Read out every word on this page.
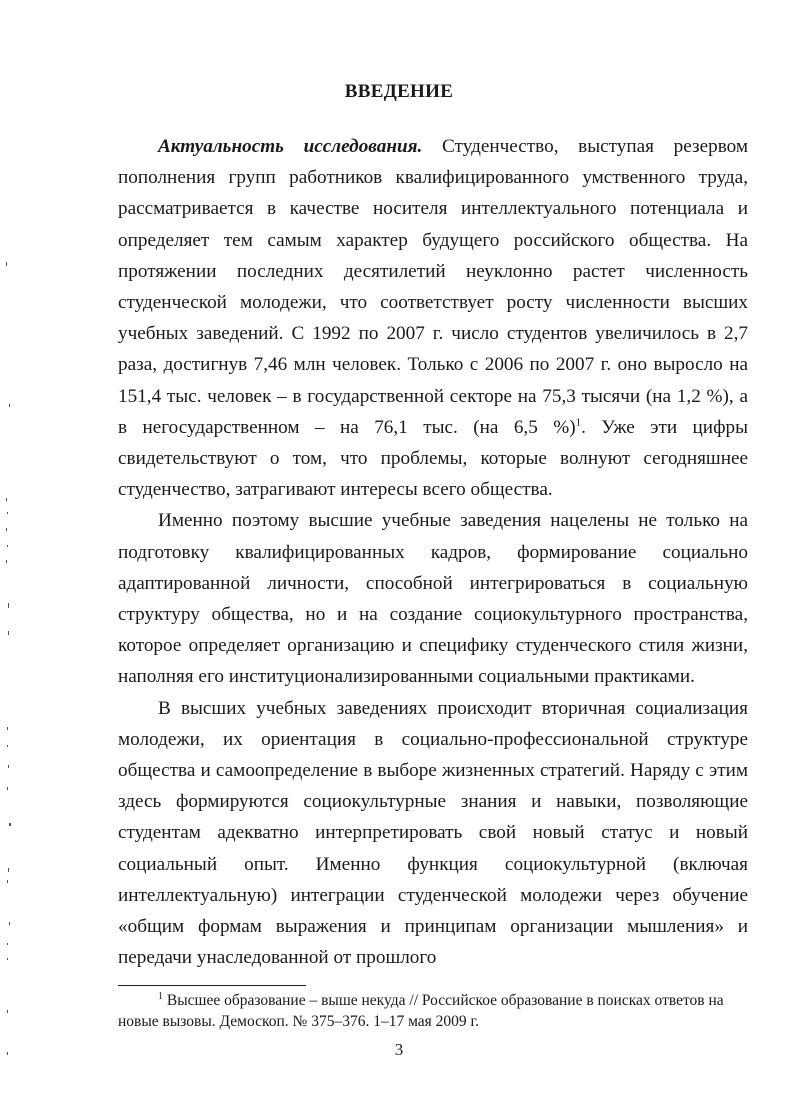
ВВЕДЕНИЕ

Актуальность исследования. Студенчество, выступая резервом пополнения групп работников квалифицированного умственного труда, рассматривается в качестве носителя интеллектуального потенциала и определяет тем самым характер будущего российского общества. На протяжении последних десятилетий неуклонно растет численность студенческой молодежи, что соответствует росту численности высших учебных заведений. С 1992 по 2007 г. число студентов увеличилось в 2,7 раза, достигнув 7,46 млн человек. Только с 2006 по 2007 г. оно выросло на 151,4 тыс. человек – в государственной секторе на 75,3 тысячи (на 1,2 %), а в негосударственном – на 76,1 тыс. (на 6,5 %)$^1$. Уже эти цифры свидетельствуют о том, что проблемы, которые волнуют сегодняшнее студенчество, затрагивают интересы всего общества.

Именно поэтому высшие учебные заведения нацелены не только на подготовку квалифицированных кадров, формирование социально адаптированной личности, способной интегрироваться в социальную структуру общества, но и на создание социокультурного пространства, которое определяет организацию и специфику студенческого стиля жизни, наполняя его институционализированными социальными практиками.

В высших учебных заведениях происходит вторичная социализация молодежи, их ориентация в социально-профессиональной структуре общества и самоопределение в выборе жизненных стратегий. Наряду с этим здесь формируются социокультурные знания и навыки, позволяющие студентам адекватно интерпретировать свой новый статус и новый социальный опыт. Именно функция социокультурной (включая интеллектуальную) интеграции студенческой молодежи через обучение «общим формам выражения и принципам организации мышления» и передачи унаследованной от прошлого

$^1$ Высшее образование – выше некуда // Российское образование в поисках ответов на новые вызовы. Демоскоп. № 375–376. 1–17 мая 2009 г.
3
